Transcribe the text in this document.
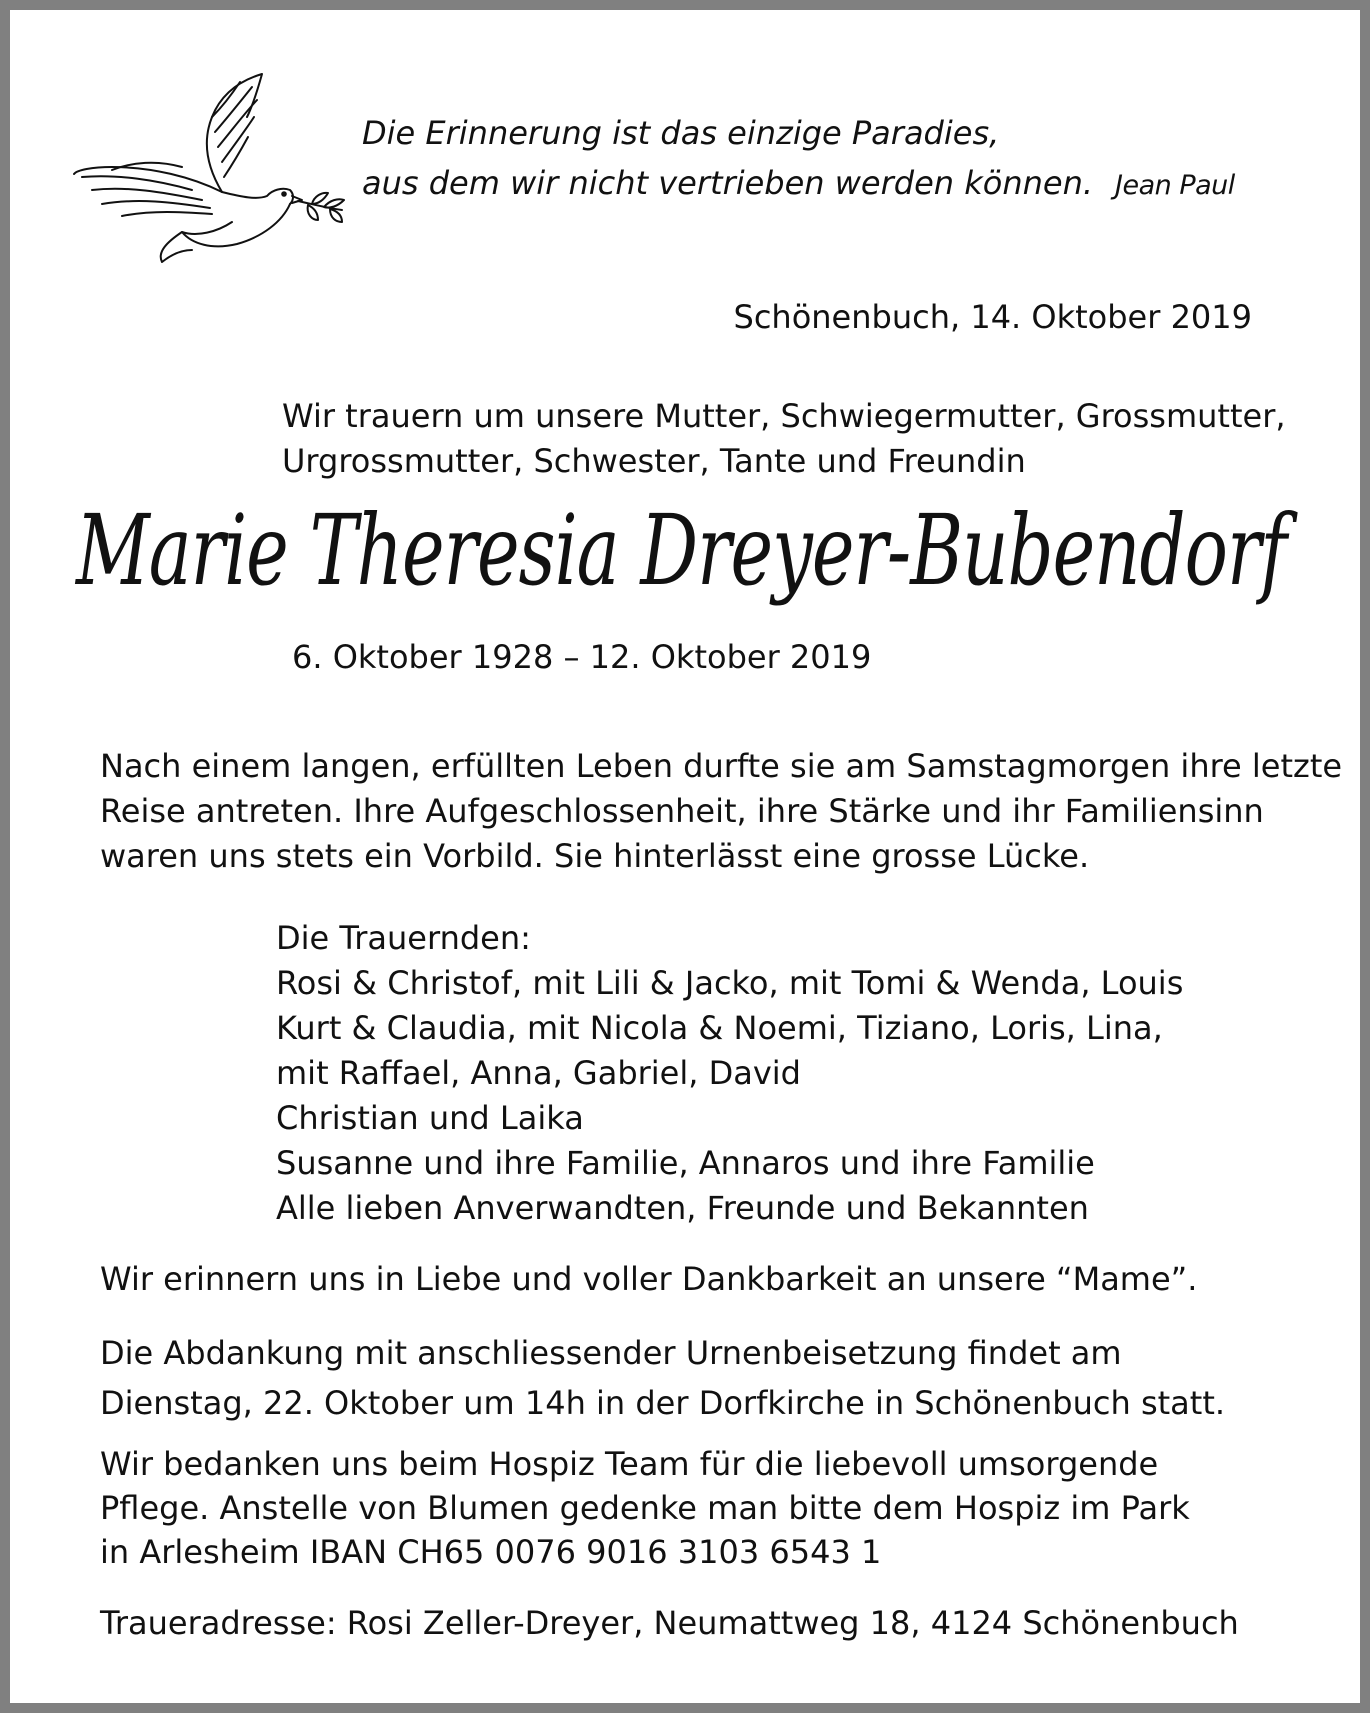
Die Erinnerung ist das einzige Paradies,
aus dem wir nicht vertrieben werden können. Jean Paul
Schönenbuch, 14. Oktober 2019
Wir trauern um unsere Mutter, Schwiegermutter, Grossmutter,
Urgrossmutter, Schwester, Tante und Freundin
Marie Theresia Dreyer-Bubendorf
6. Oktober 1928 – 12. Oktober 2019
Nach einem langen, erfüllten Leben durfte sie am Samstagmorgen ihre letzte
Reise antreten. Ihre Aufgeschlossenheit, ihre Stärke und ihr Familiensinn
waren uns stets ein Vorbild. Sie hinterlässt eine grosse Lücke.
Die Trauernden:
Rosi & Christof, mit Lili & Jacko, mit Tomi & Wenda, Louis
Kurt & Claudia, mit Nicola & Noemi, Tiziano, Loris, Lina,
mit Raffael, Anna, Gabriel, David
Christian und Laika
Susanne und ihre Familie, Annaros und ihre Familie
Alle lieben Anverwandten, Freunde und Bekannten
Wir erinnern uns in Liebe und voller Dankbarkeit an unsere “Mame”.
Die Abdankung mit anschliessender Urnenbeisetzung findet am
Dienstag, 22. Oktober um 14h in der Dorfkirche in Schönenbuch statt.
Wir bedanken uns beim Hospiz Team für die liebevoll umsorgende
Pflege. Anstelle von Blumen gedenke man bitte dem Hospiz im Park
in Arlesheim IBAN CH65 0076 9016 3103 6543 1
Traueradresse: Rosi Zeller-Dreyer, Neumattweg 18, 4124 Schönenbuch
